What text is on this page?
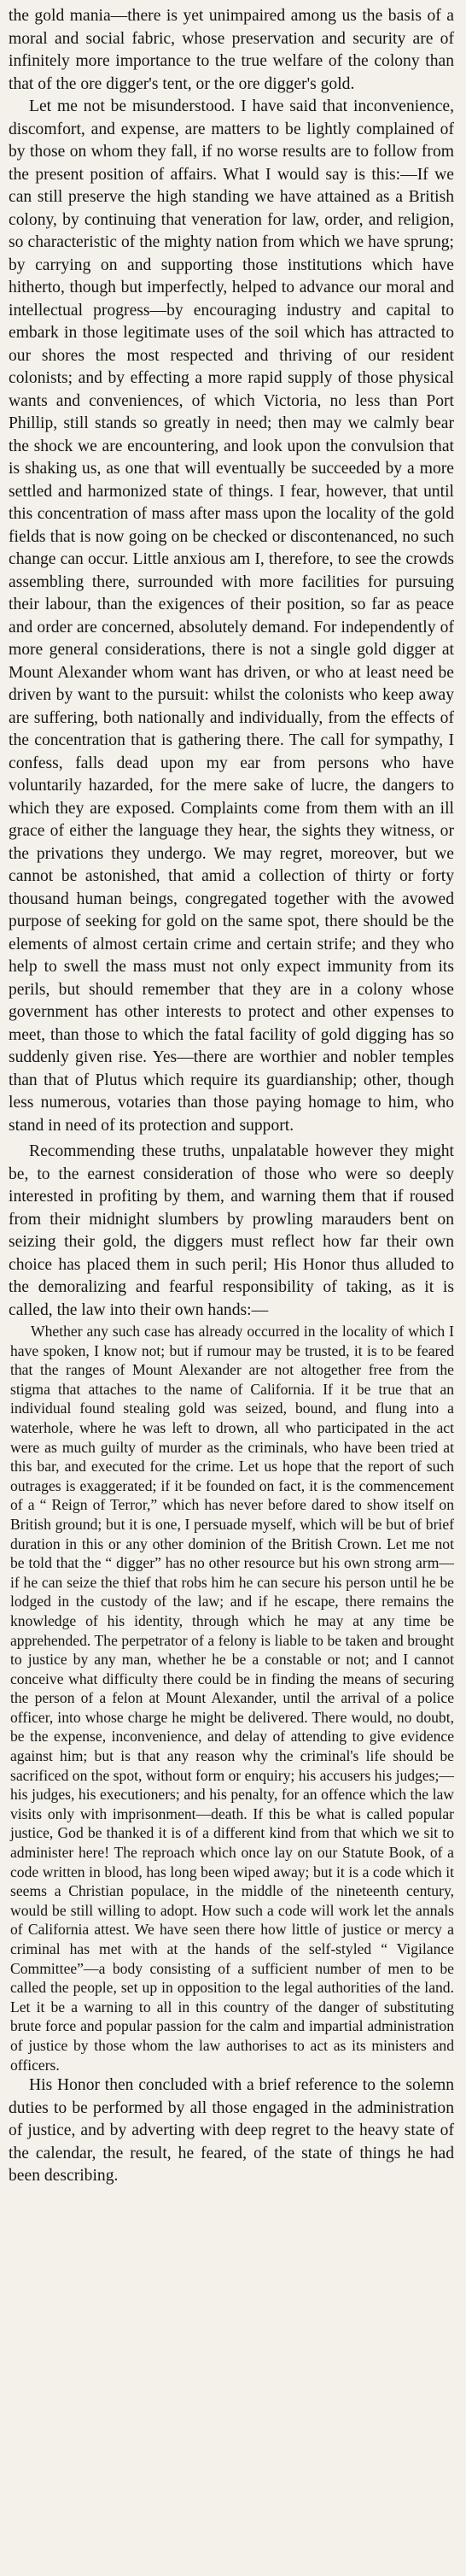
the gold mania—there is yet unimpaired among us the basis of a moral and social fabric, whose preservation and security are of infinitely more importance to the true welfare of the colony than that of the ore digger's tent, or the ore digger's gold.

Let me not be misunderstood. I have said that inconvenience, discomfort, and expense, are matters to be lightly complained of by those on whom they fall, if no worse results are to follow from the present position of affairs. What I would say is this:—If we can still preserve the high standing we have attained as a British colony, by continuing that veneration for law, order, and religion, so characteristic of the mighty nation from which we have sprung; by carrying on and supporting those institutions which have hitherto, though but imperfectly, helped to advance our moral and intellectual progress—by encouraging industry and capital to embark in those legitimate uses of the soil which has attracted to our shores the most respected and thriving of our resident colonists; and by effecting a more rapid supply of those physical wants and conveniences, of which Victoria, no less than Port Phillip, still stands so greatly in need; then may we calmly bear the shock we are encountering, and look upon the convulsion that is shaking us, as one that will eventually be succeeded by a more settled and harmonized state of things. I fear, however, that until this concentration of mass after mass upon the locality of the gold fields that is now going on be checked or discontenanced, no such change can occur. Little anxious am I, therefore, to see the crowds assembling there, surrounded with more facilities for pursuing their labour, than the exigences of their position, so far as peace and order are concerned, absolutely demand. For independently of more general considerations, there is not a single gold digger at Mount Alexander whom want has driven, or who at least need be driven by want to the pursuit: whilst the colonists who keep away are suffering, both nationally and individually, from the effects of the concentration that is gathering there. The call for sympathy, I confess, falls dead upon my ear from persons who have voluntarily hazarded, for the mere sake of lucre, the dangers to which they are exposed. Complaints come from them with an ill grace of either the language they hear, the sights they witness, or the privations they undergo. We may regret, moreover, but we cannot be astonished, that amid a collection of thirty or forty thousand human beings, congregated together with the avowed purpose of seeking for gold on the same spot, there should be the elements of almost certain crime and certain strife; and they who help to swell the mass must not only expect immunity from its perils, but should remember that they are in a colony whose government has other interests to protect and other expenses to meet, than those to which the fatal facility of gold digging has so suddenly given rise. Yes—there are worthier and nobler temples than that of Plutus which require its guardianship; other, though less numerous, votaries than those paying homage to him, who stand in need of its protection and support.

Recommending these truths, unpalatable however they might be, to the earnest consideration of those who were so deeply interested in profiting by them, and warning them that if roused from their midnight slumbers by prowling marauders bent on seizing their gold, the diggers must reflect how far their own choice has placed them in such peril; His Honor thus alluded to the demoralizing and fearful responsibility of taking, as it is called, the law into their own hands:—

Whether any such case has already occurred in the locality of which I have spoken, I know not; but if rumour may be trusted, it is to be feared that the ranges of Mount Alexander are not altogether free from the stigma that attaches to the name of California. If it be true that an individual found stealing gold was seized, bound, and flung into a waterhole, where he was left to drown, all who participated in the act were as much guilty of murder as the criminals, who have been tried at this bar, and executed for the crime. Let us hope that the report of such outrages is exaggerated; if it be founded on fact, it is the commencement of a “ Reign of Terror,” which has never before dared to show itself on British ground; but it is one, I persuade myself, which will be but of brief duration in this or any other dominion of the British Crown. Let me not be told that the “ digger” has no other resource but his own strong arm—if he can seize the thief that robs him he can secure his person until he be lodged in the custody of the law; and if he escape, there remains the knowledge of his identity, through which he may at any time be apprehended. The perpetrator of a felony is liable to be taken and brought to justice by any man, whether he be a constable or not; and I cannot conceive what difficulty there could be in finding the means of securing the person of a felon at Mount Alexander, until the arrival of a police officer, into whose charge he might be delivered. There would, no doubt, be the expense, inconvenience, and delay of attending to give evidence against him; but is that any reason why the criminal's life should be sacrificed on the spot, without form or enquiry; his accusers his judges;—his judges, his executioners; and his penalty, for an offence which the law visits only with imprisonment—death. If this be what is called popular justice, God be thanked it is of a different kind from that which we sit to administer here! The reproach which once lay on our Statute Book, of a code written in blood, has long been wiped away; but it is a code which it seems a Christian populace, in the middle of the nineteenth century, would be still willing to adopt. How such a code will work let the annals of California attest. We have seen there how little of justice or mercy a criminal has met with at the hands of the self-styled “ Vigilance Committee”—a body consisting of a sufficient number of men to be called the people, set up in opposition to the legal authorities of the land. Let it be a warning to all in this country of the danger of substituting brute force and popular passion for the calm and impartial administration of justice by those whom the law authorises to act as its ministers and officers.

His Honor then concluded with a brief reference to the solemn duties to be performed by all those engaged in the administration of justice, and by adverting with deep regret to the heavy state of the calendar, the result, he feared, of the state of things he had been describing.
